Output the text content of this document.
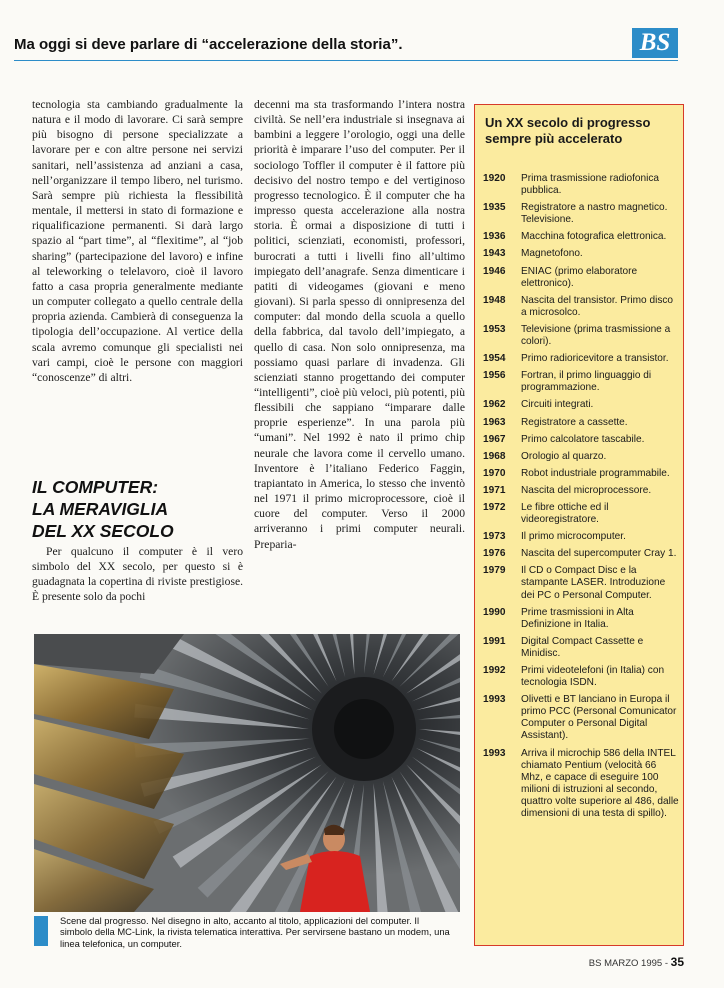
Ma oggi si deve parlare di “accelerazione della storia”.	BS

tecnologia sta cambiando gradualmente la natura e il modo di lavorare. Ci sarà sempre più bisogno di persone specializzate a lavorare per e con altre persone nei servizi sanitari, nell’assistenza ad anziani a casa, nell’organizzare il tempo libero, nel turismo. Sarà sempre più richiesta la flessibilità mentale, il mettersi in stato di formazione e riqualificazione permanenti. Si darà largo spazio al “part time”, al “flexitime”, al “job sharing” (partecipazione del lavoro) e infine al teleworking o telelavoro, cioè il lavoro fatto a casa propria generalmente mediante un computer collegato a quello centrale della propria azienda. Cambierà di conseguenza la tipologia dell’occupazione. Al vertice della scala avremo comunque gli specialisti nei vari campi, cioè le persone con maggiori “conoscenze” di altri.

IL COMPUTER:
LA MERAVIGLIA
DEL XX SECOLO

Per qualcuno il computer è il vero simbolo del XX secolo, per questo si è guadagnata la copertina di riviste prestigiose. È presente solo da pochi

decenni ma sta trasformando l’intera nostra civiltà. Se nell’era industriale si insegnava ai bambini a leggere l’orologio, oggi una delle priorità è imparare l’uso del computer. Per il sociologo Toffler il computer è il fattore più decisivo del nostro tempo e del vertiginoso progresso tecnologico. È il computer che ha impresso questa accelerazione alla nostra storia. È ormai a disposizione di tutti i politici, scienziati, economisti, professori, burocrati a tutti i livelli fino all’ultimo impiegato dell’anagrafe. Senza dimenticare i patiti di videogames (giovani e meno giovani). Si parla spesso di onnipresenza del computer: dal mondo della scuola a quello della fabbrica, dal tavolo dell’impiegato, a quello di casa. Non solo onnipresenza, ma possiamo quasi parlare di invadenza. Gli scienziati stanno progettando dei computer “intelligenti”, cioè più veloci, più potenti, più flessibili che sappiano “imparare dalle proprie esperienze”. In una parola più “umani”. Nel 1992 è nato il primo chip neurale che lavora come il cervello umano. Inventore è l’italiano Federico Faggin, trapiantato in America, lo stesso che inventò nel 1971 il primo microprocessore, cioè il cuore del computer. Verso il 2000 arriveranno i primi computer neurali. Preparia-

Un XX secolo di progresso sempre più accelerato
1920	Prima trasmissione radiofonica pubblica.
1935	Registratore a nastro magnetico. Televisione.
1936	Macchina fotografica elettronica.
1943	Magnetofono.
1946	ENIAC (primo elaboratore elettronico).
1948	Nascita del transistor. Primo disco a microsolco.
1953	Televisione (prima trasmissione a colori).
1954	Primo radioricevitore a transistor.
1956	Fortran, il primo linguaggio di programmazione.
1962	Circuiti integrati.
1963	Registratore a cassette.
1967	Primo calcolatore tascabile.
1968	Orologio al quarzo.
1970	Robot industriale programmabile.
1971	Nascita del microprocessore.
1972	Le fibre ottiche ed il videoregistratore.
1973	Il primo microcomputer.
1976	Nascita del supercomputer Cray 1.
1979	Il CD o Compact Disc e la stampante LASER. Introduzione dei PC o Personal Computer.
1990	Prime trasmissioni in Alta Definizione in Italia.
1991	Digital Compact Cassette e Minidisc.
1992	Primi videotelefoni (in Italia) con tecnologia ISDN.
1993	Olivetti e BT lanciano in Europa il primo PCC (Personal Comunicator Computer o Personal Digital Assistant).
1993	Arriva il microchip 586 della INTEL chiamato Pentium (velocità 66 Mhz, e capace di eseguire 100 milioni di istruzioni al secondo, quattro volte superiore al 486, dalle dimensioni di una testa di spillo).
Scene dal progresso. Nel disegno in alto, accanto al titolo, applicazioni del computer. Il simbolo della MC-Link, la rivista telematica interattiva. Per servirsene bastano un modem, una linea telefonica, un computer.
BS MARZO 1995 - 35
